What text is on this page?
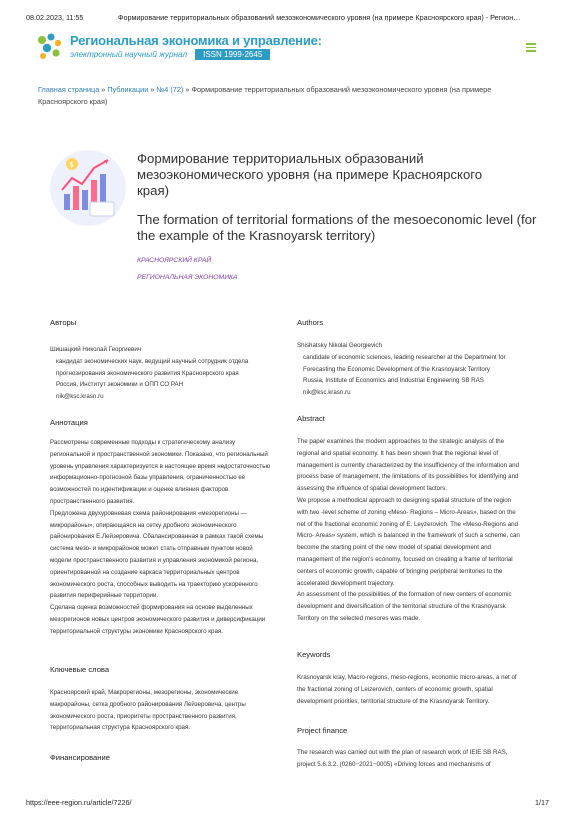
08.02.2023, 11:55	Формирование территориальных образований мезоэкономического уровня (на примере Красноярского края) - Регион…
Региональная экономика и управление:
электронный научный журнал	ISSN 1999-2645
Главная страница » Публикации » №4 (72) » Формирование территориальных образований мезоэкономического уровня (на примере Красноярского края)
$	Формирование территориальных образований мезоэкономического уровня (на примере Красноярского края)
The formation of territorial formations of the mesoeconomic level (for the example of the Krasnoyarsk territory)
КРАСНОЯРСКИЙ КРАЙ
РЕГИОНАЛЬНАЯ ЭКОНОМИКА
Авторы
Шишацкий Николай Георгиевич
кандидат экономических наук, ведущий научный сотрудник отдела
прогнозирования экономического развития Красноярского края
Россия, Институт экономики и ОПП СО РАН
nik@ksc.krasn.ru
Аннотация
Рассмотрены современные подходы к стратегическому анализу
региональной и пространственной экономики. Показано, что региональный
уровень управления характеризуется в настоящее время недостаточностью
информационно-прогнозной базы управления, ограниченностью её
возможностей по идентификации и оценке влияния факторов
пространственного развития.
Предложена двухуровневая схема районирования «мезорегионы —
микрорайоны», опирающаяся на сетку дробного экономического
районирования Е.Лейзеровича. Сбалансированная в рамках такой схемы
система мезо- и микрорайонов может стать отправным пунктом новой
модели пространственного развития и управления экономикой региона,
ориентированной на создание каркаса территориальных центров
экономического роста, способных выводить на траекторию ускоренного
развития периферийные территории.
Сделана оценка возможностей формирования на основе выделенных
мезорегионов новых центров экономического развития и диверсификации
территориальной структуры экономики Красноярского края.
Ключевые слова
Красноярский край, Макрорегионы, мезорегионы, экономические
макрорайоны, сетка дробного районирования Лейзеровича, центры
экономического роста, приоритеты пространственного развития,
территориальная структура Красноярского края.
Финансирование
Authors
Shishatsky Nikolai Georgievich
candidate of economic sciences, leading researcher at the Department for
Forecasting the Economic Development of the Krasnoyarsk Territory
Russia, Institute of Economics and Industrial Engineering SB RAS
nik@ksc.krasn.ru
Abstract
The paper examines the modern approaches to the strategic analysis of the
regional and spatial economy. It has been shown that the regional level of
management is currently characterized by the insufficiency of the information and
process base of management, the limitations of its possibilities for identifying and
assessing the influence of spatial development factors.
We propose a methodical approach to designing spatial structure of the region
with two -level scheme of zoning «Meso- Regions – Micro-Areas», based on the
net of the fractional economic zoning of E. Leyzerovich. The «Meso-Regions and
Micro- Areas» system, which is balanced in the framework of such a scheme, can
become the starting point of the new model of spatial development and
management of the region's economy, focused on creating a frame of territorial
centers of economic growth, capable of bringing peripheral territories to the
accelerated development trajectory.
An assessment of the possibilities of the formation of new centers of economic
development and diversification of the territorial structure of the Krasnoyarsk
Territory on the selected mesores was made.
Keywords
Krasnoyarsk kray, Macro-regions, meso-regions, economic micro-areas, a net of
the fractional zoning of Leizerovich, centers of economic growth, spatial
development priorities, territorial structure of the Krasnoyarsk Territory.
Project finance
The research was carried out with the plan of research work of IEIE SB RAS,
project 5.6.3.2. (0260−2021−0005) «Driving forces and mechanisms of
https://eee-region.ru/article/7226/	1/17
